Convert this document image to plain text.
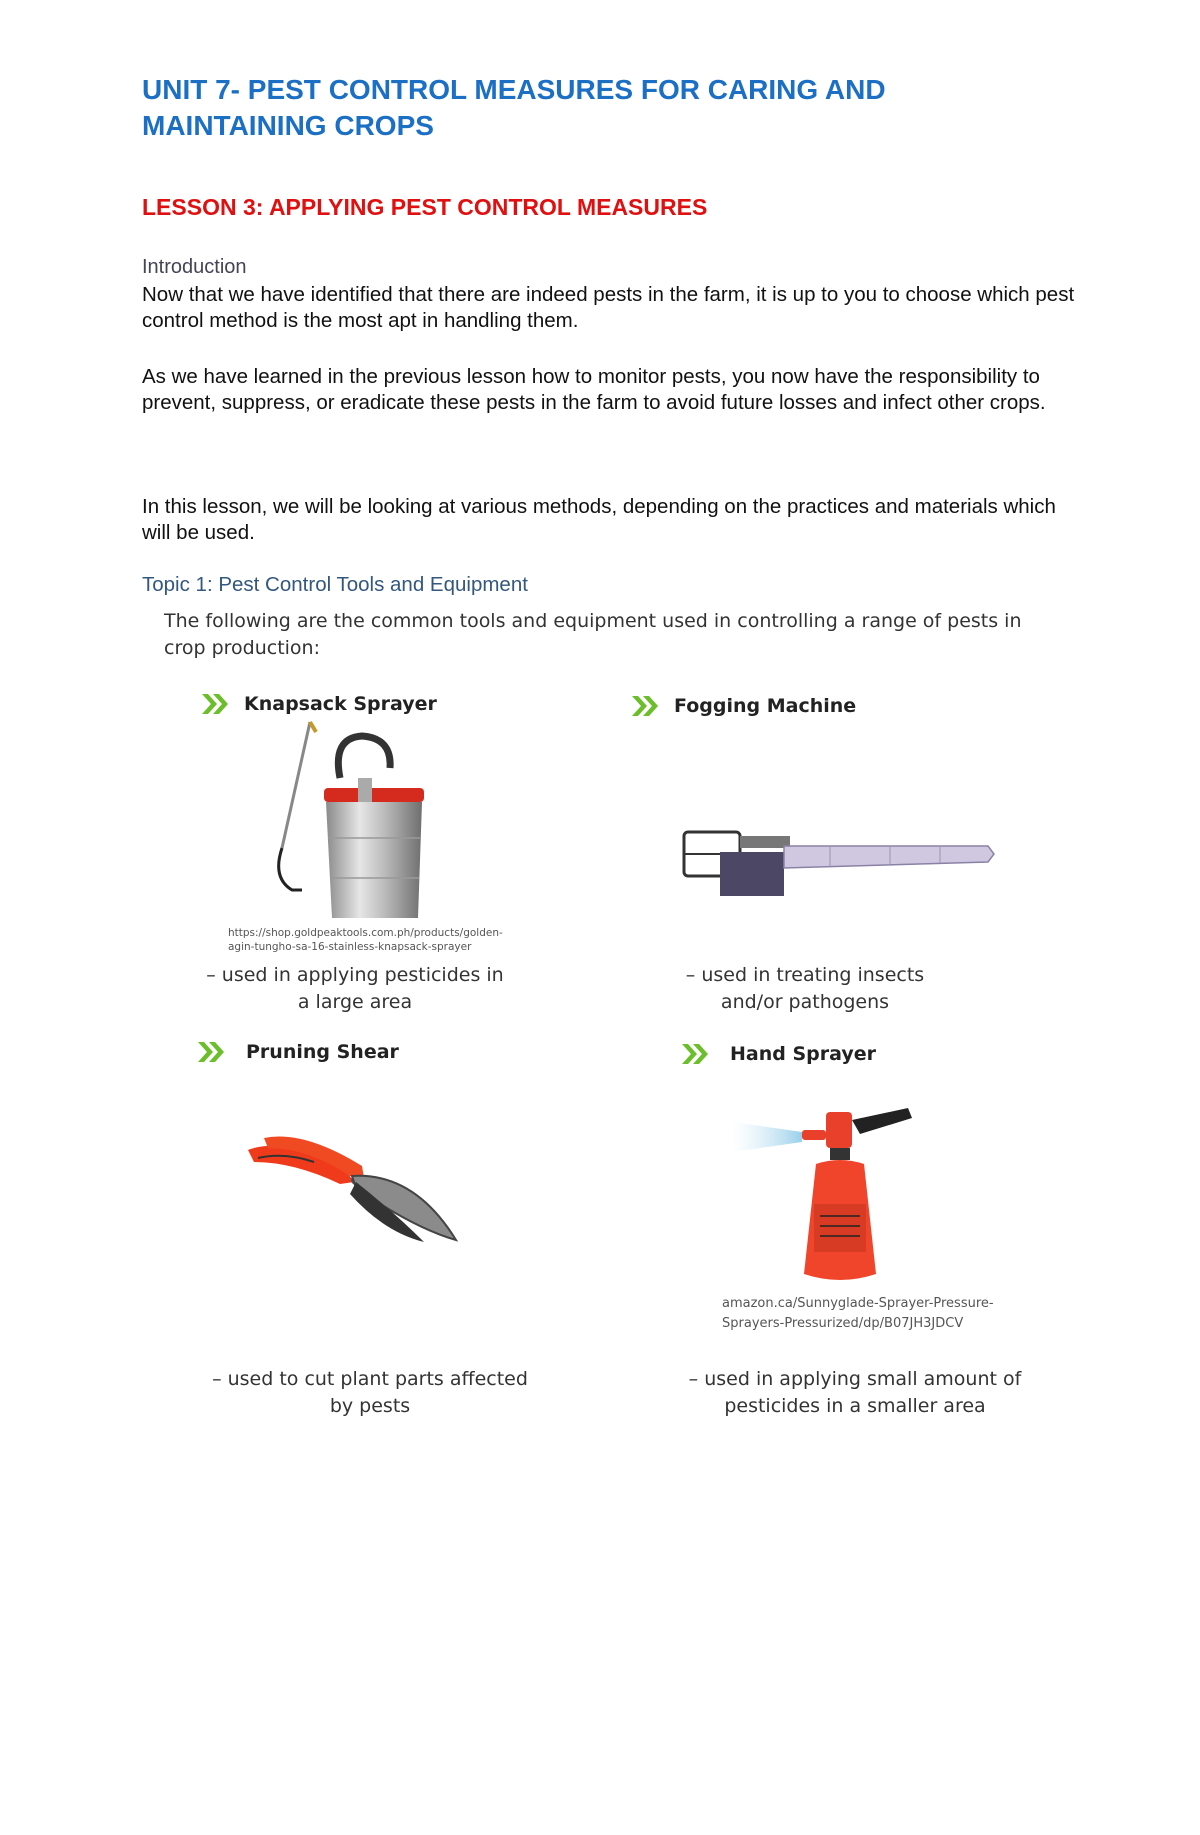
UNIT 7- PEST CONTROL MEASURES FOR CARING AND MAINTAINING CROPS
LESSON 3: APPLYING PEST CONTROL MEASURES
Introduction
Now that we have identified that there are indeed pests in the farm, it is up to you to choose which pest control method is the most apt in handling them.
As we have learned in the previous lesson how to monitor pests, you now have the responsibility to prevent, suppress, or eradicate these pests in the farm to avoid future losses and infect other crops.
In this lesson, we will be looking at various methods, depending on the practices and materials which will be used.
Topic 1: Pest Control Tools and Equipment
The following are the common tools and equipment used in controlling a range of pests in crop production:
Knapsack Sprayer
https://shop.goldpeaktools.com.ph/products/golden-agin-tungho-sa-16-stainless-knapsack-sprayer
– used in applying pesticides in a large area
Fogging Machine
– used in treating insects and/or pathogens
Pruning Shear
– used to cut plant parts affected by pests
Hand Sprayer
amazon.ca/Sunnyglade-Sprayer-Pressure-Sprayers-Pressurized/dp/B07JH3JDCV
– used in applying small amount of pesticides in a smaller area
